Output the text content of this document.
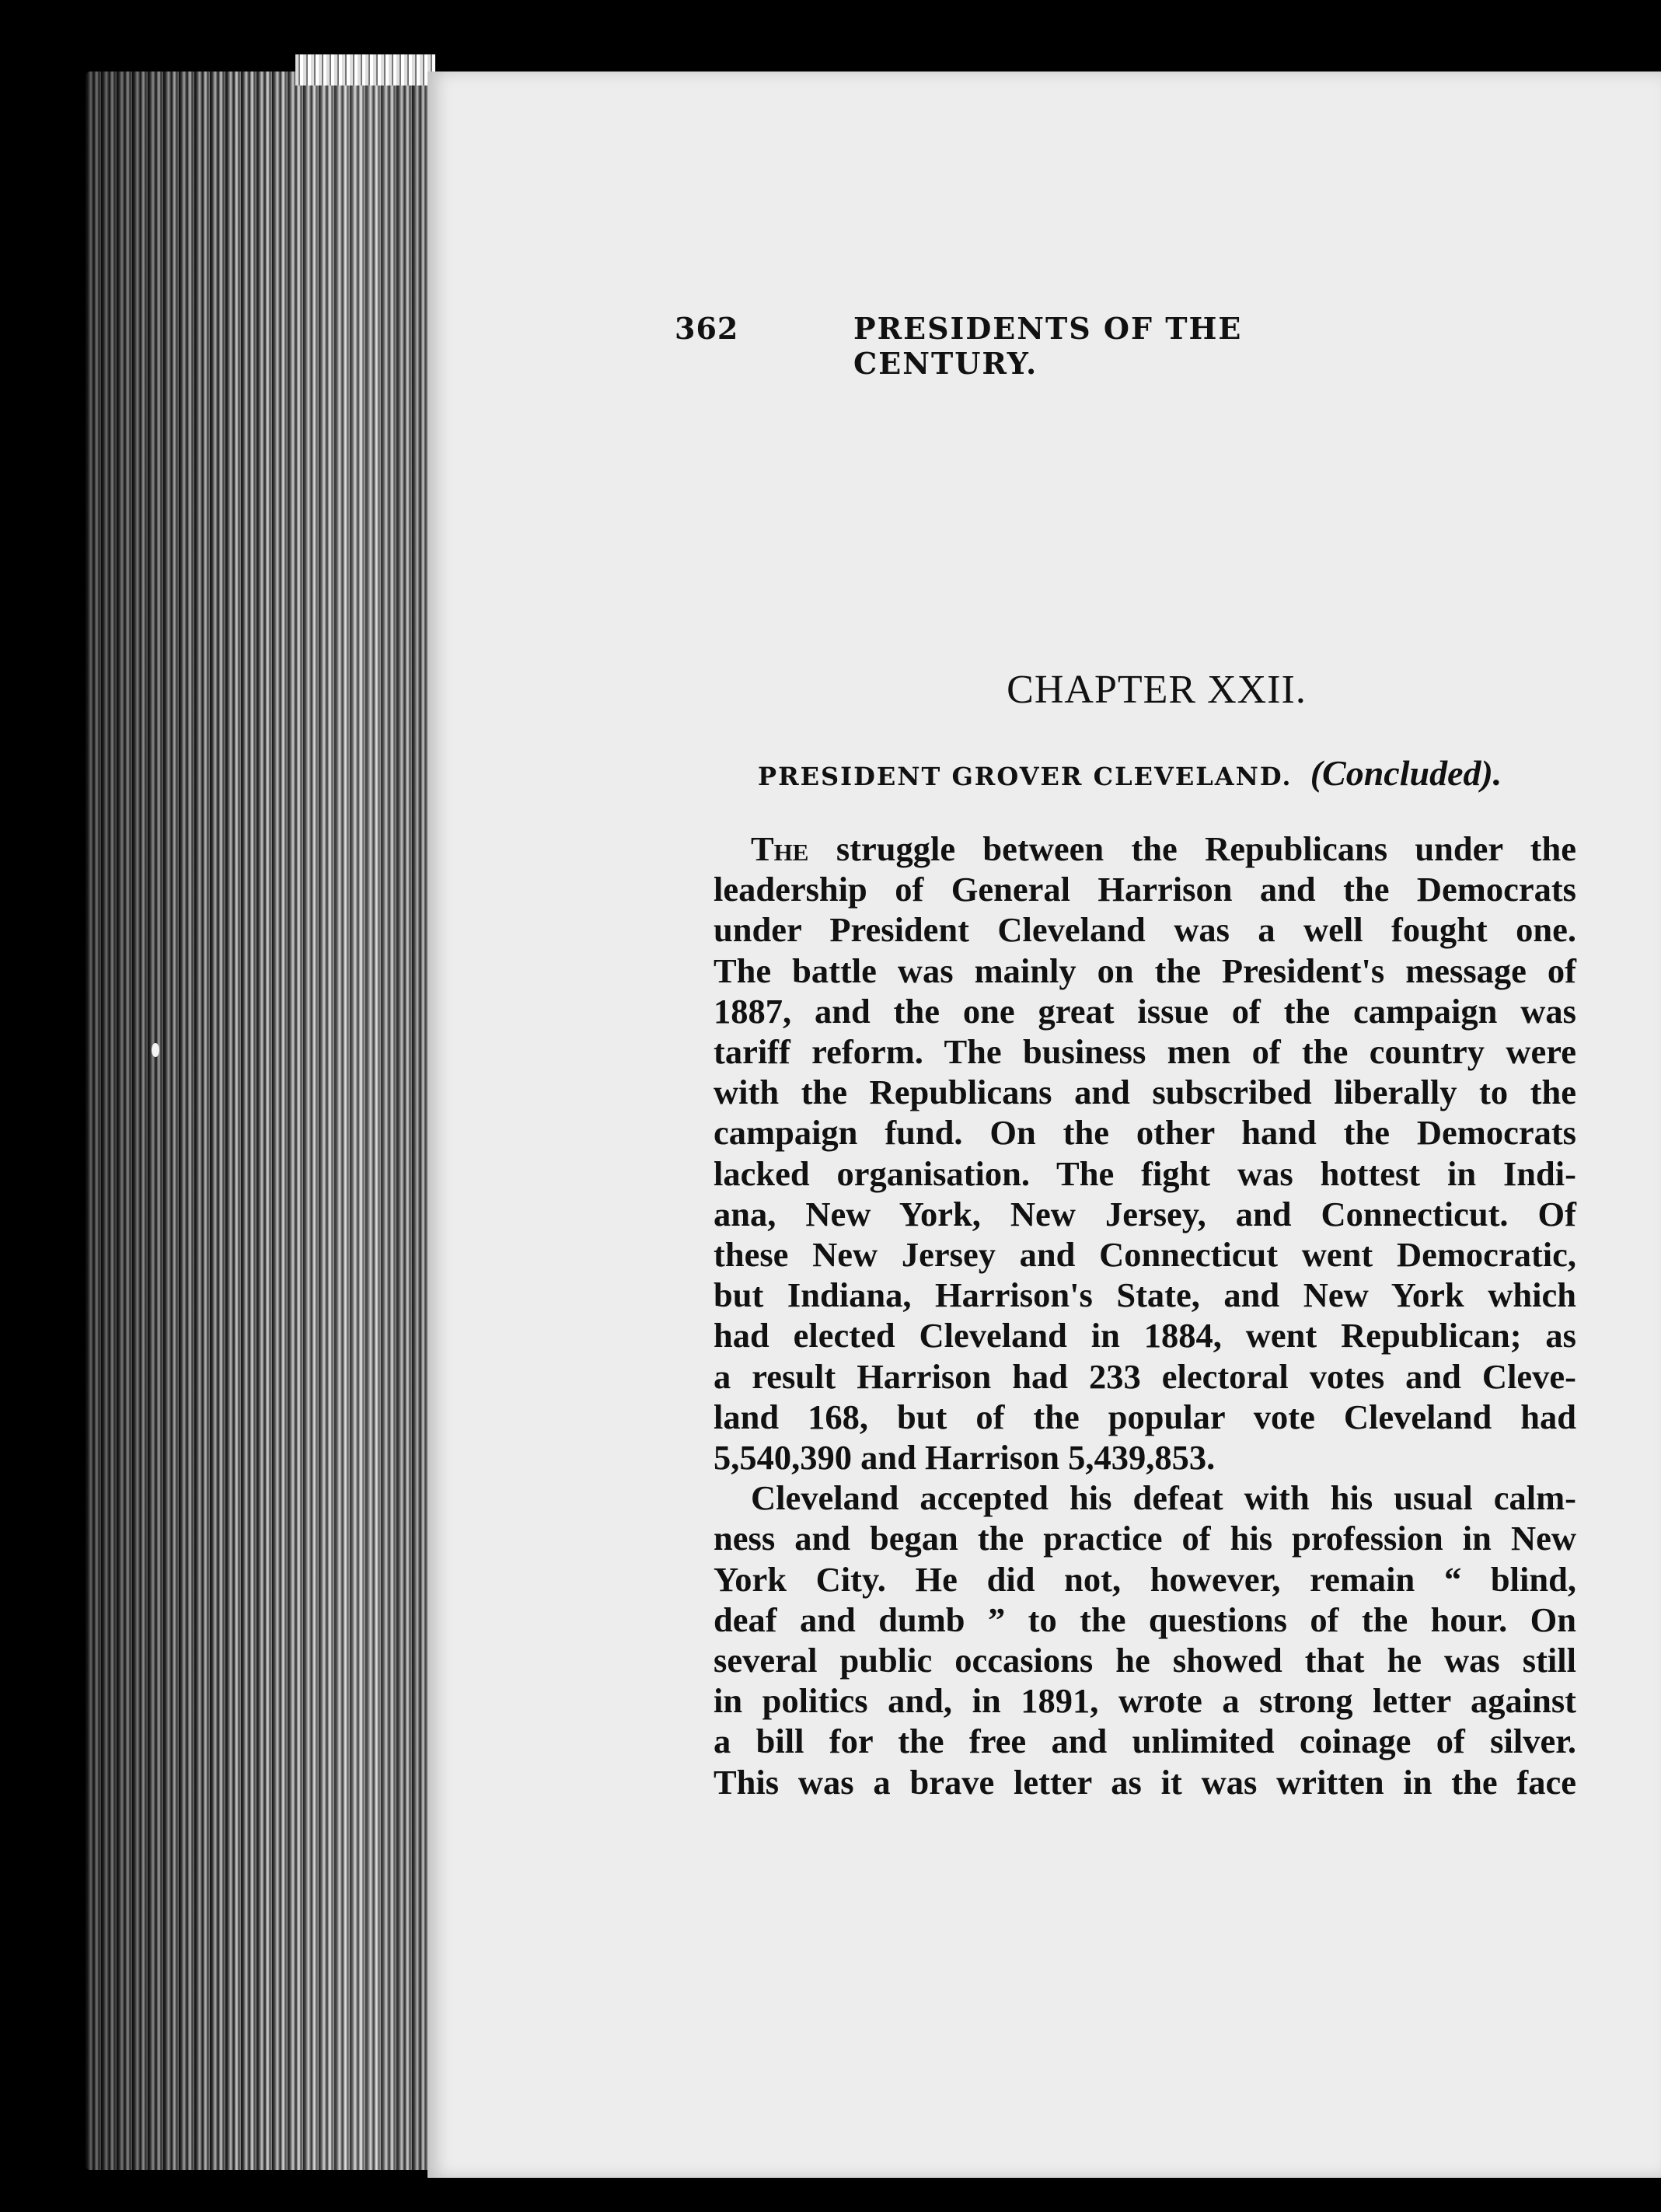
362	PRESIDENTS OF THE CENTURY.
CHAPTER XXII.
PRESIDENT GROVER CLEVELAND. (Concluded).

The struggle between the Republicans under the
leadership of General Harrison and the Democrats
under President Cleveland was a well fought one.
The battle was mainly on the President's message of
1887, and the one great issue of the campaign was
tariff reform. The business men of the country were
with the Republicans and subscribed liberally to the
campaign fund. On the other hand the Democrats
lacked organisation. The fight was hottest in Indi-
ana, New York, New Jersey, and Connecticut. Of
these New Jersey and Connecticut went Democratic,
but Indiana, Harrison's State, and New York which
had elected Cleveland in 1884, went Republican; as
a result Harrison had 233 electoral votes and Cleve-
land 168, but of the popular vote Cleveland had
5,540,390 and Harrison 5,439,853.

Cleveland accepted his defeat with his usual calm-
ness and began the practice of his profession in New
York City. He did not, however, remain “ blind,
deaf and dumb ” to the questions of the hour. On
several public occasions he showed that he was still
in politics and, in 1891, wrote a strong letter against
a bill for the free and unlimited coinage of silver.
This was a brave letter as it was written in the face
